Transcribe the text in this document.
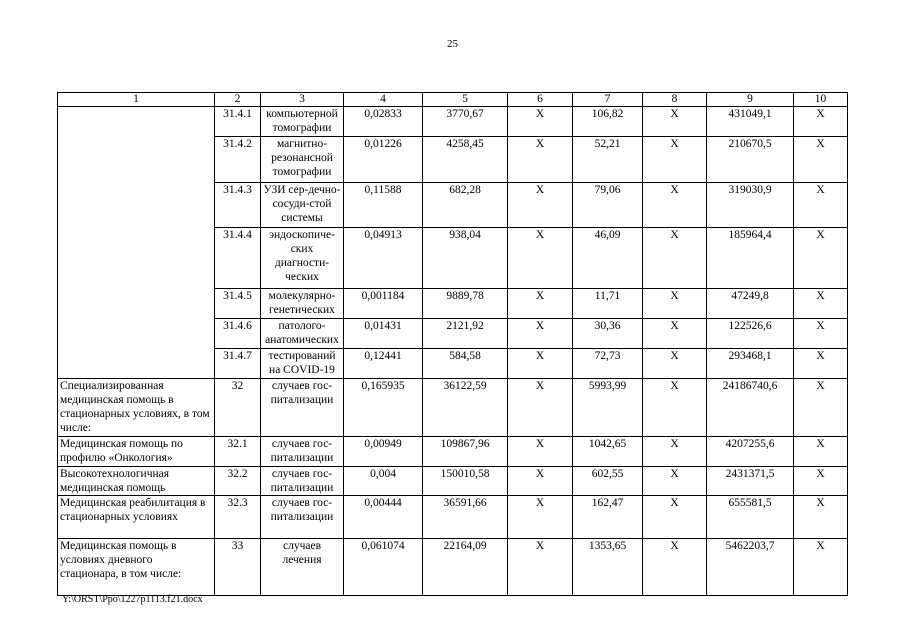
25
1	2	3	4	5	6	7	8	9	10
	31.4.1	компьютерной томографии	0,02833	3770,67	X	106,82	X	431049,1	X
	31.4.2	магнитно-резонансной томографии	0,01226	4258,45	X	52,21	X	210670,5	X
	31.4.3	УЗИ сер-дечно-сосуди-стой системы	0,11588	682,28	X	79,06	X	319030,9	X
	31.4.4	эндоскопиче-ских диагности-ческих	0,04913	938,04	X	46,09	X	185964,4	X
	31.4.5	молекулярно-генетических	0,001184	9889,78	X	11,71	X	47249,8	X
	31.4.6	патолого-анатомических	0,01431	2121,92	X	30,36	X	122526,6	X
	31.4.7	тестирований на COVID-19	0,12441	584,58	X	72,73	X	293468,1	X
Специализированная медицинская помощь в стационарных условиях, в том числе:	32	случаев гос-питализации	0,165935	36122,59	X	5993,99	X	24186740,6	X
Медицинская помощь по профилю «Онкология»	32.1	случаев гос-питализации	0,00949	109867,96	X	1042,65	X	4207255,6	X
Высокотехнологичная медицинская помощь	32.2	случаев гос-питализации	0,004	150010,58	X	602,55	X	2431371,5	X
Медицинская реабилитация в стационарных условиях	32.3	случаев гос-питализации	0,00444	36591,66	X	162,47	X	655581,5	X
Медицинская помощь в условиях дневного стационара, в том числе:	33	случаев лечения	0,061074	22164,09	X	1353,65	X	5462203,7	X
Y:\ORST\Ppo\1227p1113.f21.docx
